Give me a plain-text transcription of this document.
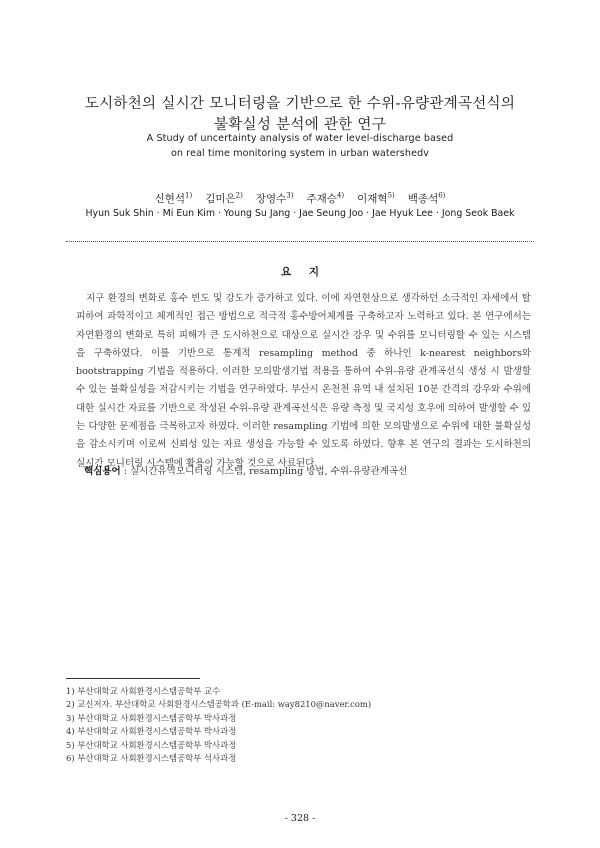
도시하천의 실시간 모니터링을 기반으로 한 수위-유량관계곡선식의
불확실성 분석에 관한 연구
A Study of uncertainty analysis of water level-discharge based
on real time monitoring system in urban watershedv
신현석$^{1)}$ 김미은$^{2)}$ 장영수$^{3)}$ 주재승$^{4)}$ 이재혁$^{5)}$ 백종석$^{6)}$
Hyun Suk Shin · Mi Eun Kim · Young Su Jang · Jae Seung Joo · Jae Hyuk Lee · Jong Seok Baek
요 지

지구 환경의 변화로 홍수 빈도 및 강도가 증가하고 있다. 이에 자연현상으로 생각하던 소극적인 자세에서 탈피하여 과학적이고 체계적인 접근 방법으로 적극적 홍수방어체계를 구축하고자 노력하고 있다. 본 연구에서는 자연환경의 변화로 특히 피해가 큰 도시하천으로 대상으로 실시간 강우 및 수위를 모니터링할 수 있는 시스템을 구축하였다. 이를 기반으로 통계적 resampling method 중 하나인 k-nearest neighbors와 bootstrapping 기법을 적용하다. 이러한 모의발생기법 적용을 통하여 수위-유량 관계곡선식 생성 시 발생할 수 있는 불확실성을 저감시키는 기법을 연구하였다. 부산시 온천천 유역 내 설치된 10분 간격의 강우와 수위에 대한 실시간 자료를 기반으로 작성된 수위-유량 관계곡선식은 유량 측정 및 국지성 호우에 의하여 발생할 수 있는 다양한 문제점을 극복하고자 하였다. 이러한 resampling 기법에 의한 모의발생으로 수위에 대한 불확실성을 감소시키며 이로써 신뢰성 있는 자료 생성을 가능할 수 있도록 하였다. 향후 본 연구의 결과는 도시하천의 실시간 모니터링 시스템에 활용이 가능할 것으로 사료된다.

핵심용어 : 실시간유역모니터링 시스템, resampling 방법, 수위-유량관계곡선
1) 부산대학교 사회환경시스템공학부 교수
2) 교신저자. 부산대학교 사회환경시스템공학과 (E-mail: way8210@naver.com)
3) 부산대학교 사회환경시스템공학부 박사과정
4) 부산대학교 사회환경시스템공학부 박사과정
5) 부산대학교 사회환경시스템공학부 박사과정
6) 부산대학교 사회환경시스템공학부 석사과정
- 328 -
